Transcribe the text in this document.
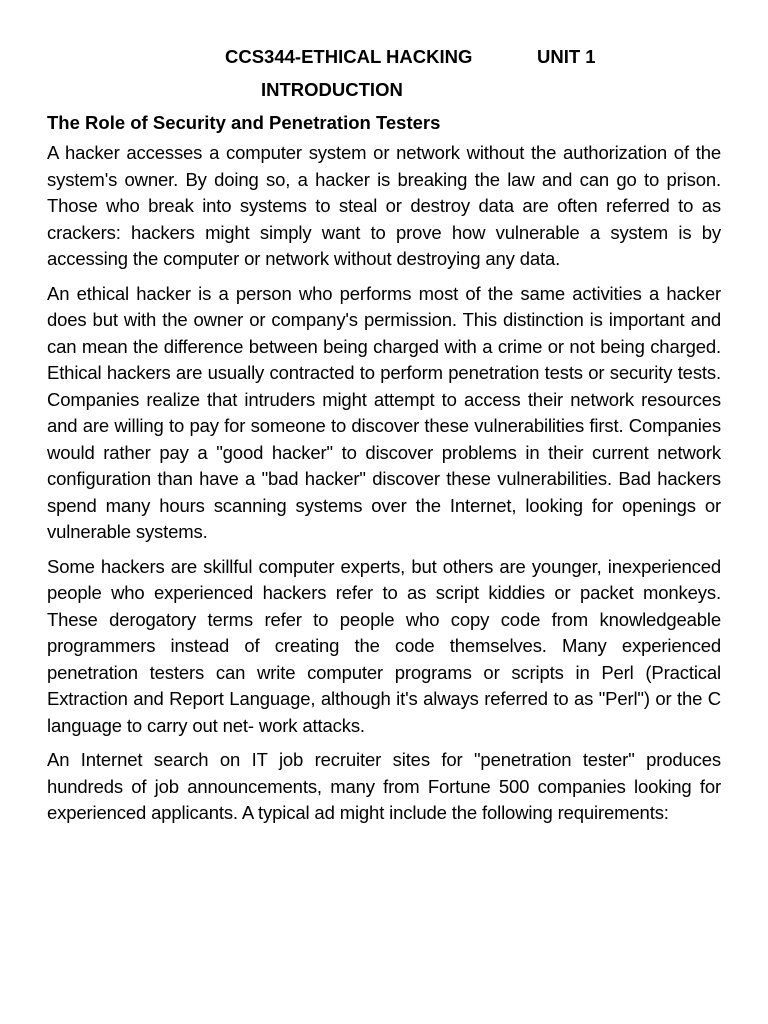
CCS344-ETHICAL HACKING	UNIT 1
INTRODUCTION
The Role of Security and Penetration Testers

A hacker accesses a computer system or network without the authorization of the system's owner. By doing so, a hacker is breaking the law and can go to prison. Those who break into systems to steal or destroy data are often referred to as crackers: hackers might simply want to prove how vulnerable a system is by accessing the computer or network without destroying any data.

An ethical hacker is a person who performs most of the same activities a hacker does but with the owner or company's permission. This distinction is important and can mean the difference between being charged with a crime or not being charged. Ethical hackers are usually contracted to perform penetration tests or security tests. Companies realize that intruders might attempt to access their network resources and are willing to pay for someone to discover these vulnerabilities first. Companies would rather pay a "good hacker" to discover problems in their current network configuration than have a "bad hacker" discover these vulnerabilities. Bad hackers spend many hours scanning systems over the Internet, looking for openings or vulnerable systems.

Some hackers are skillful computer experts, but others are younger, inexperienced people who experienced hackers refer to as script kiddies or packet monkeys. These derogatory terms refer to people who copy code from knowledgeable programmers instead of creating the code themselves. Many experienced penetration testers can write computer programs or scripts in Perl (Practical Extraction and Report Language, although it's always referred to as "Perl") or the C language to carry out net- work attacks.

An Internet search on IT job recruiter sites for "penetration tester" produces hundreds of job announcements, many from Fortune 500 companies looking for experienced applicants. A typical ad might include the following requirements:
